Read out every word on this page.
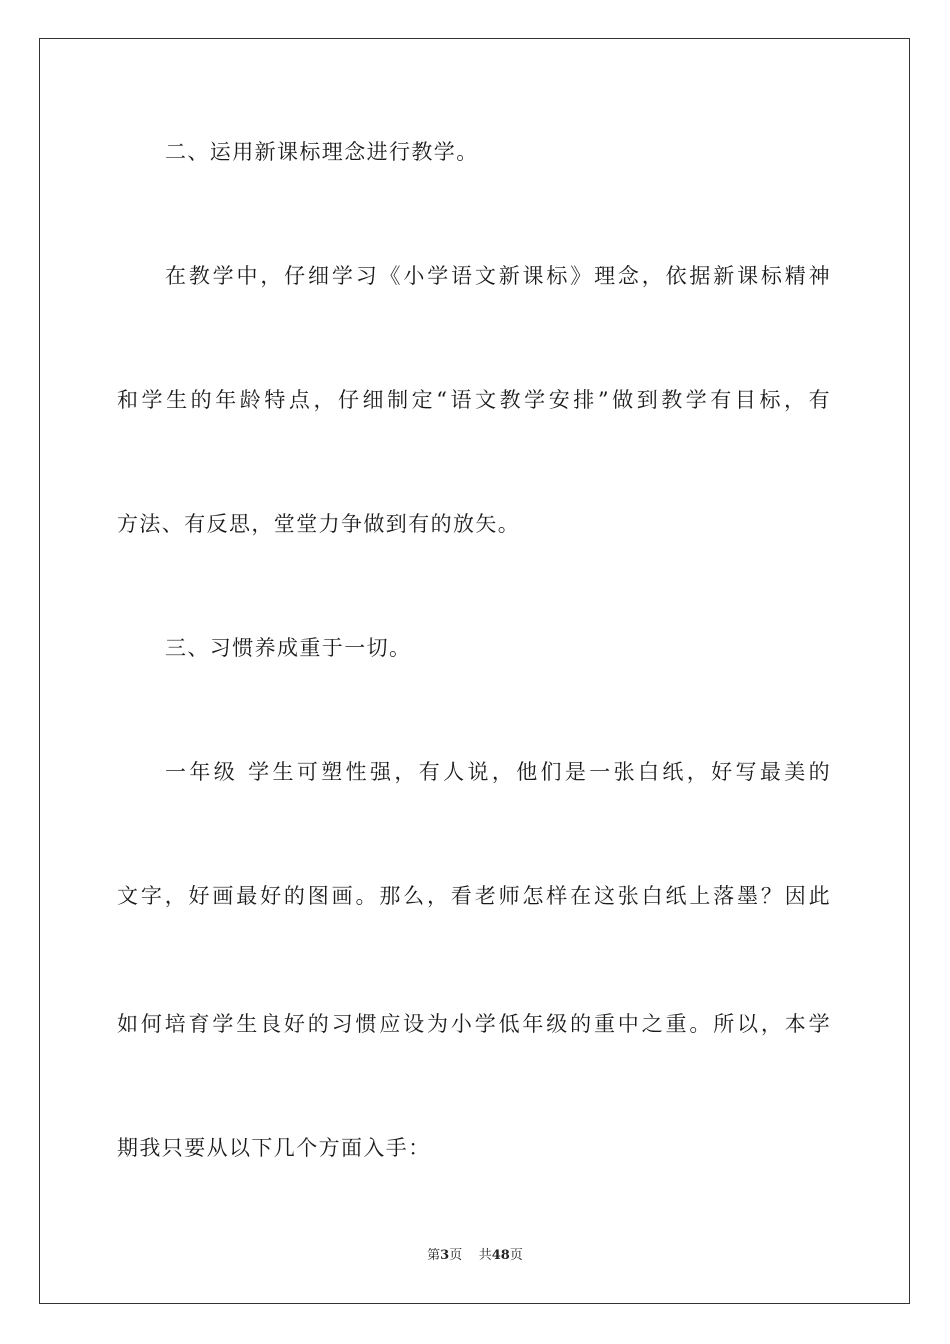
二、运用新课标理念进行教学。
在教学中，仔细学习《小学语文新课标》理念，依据新课标精神
和学生的年龄特点，仔细制定“语文教学安排”做到教学有目标，有
方法、有反思，堂堂力争做到有的放矢。
三、习惯养成重于一切。
一年级 学生可塑性强，有人说，他们是一张白纸，好写最美的
文字，好画最好的图画。那么，看老师怎样在这张白纸上落墨？因此
如何培育学生良好的习惯应设为小学低年级的重中之重。所以，本学
期我只要从以下几个方面入手：
第3页 共48页
